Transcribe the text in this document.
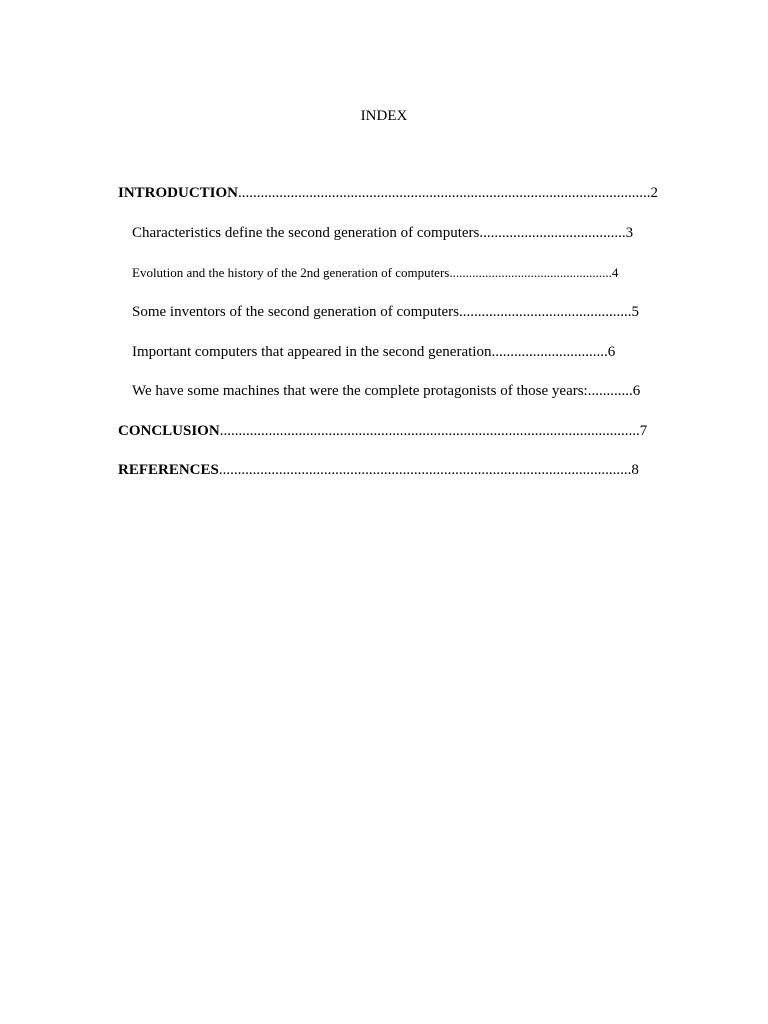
INDEX
INTRODUCTION..............................................................................................................2
Characteristics define the second generation of computers.......................................3
Evolution and the history of the 2nd generation of computers..................................................4
Some inventors of the second generation of computers..............................................5
Important computers that appeared in the second generation...............................6
We have some machines that were the complete protagonists of those years:............6
CONCLUSION................................................................................................................7
REFERENCES..............................................................................................................8
